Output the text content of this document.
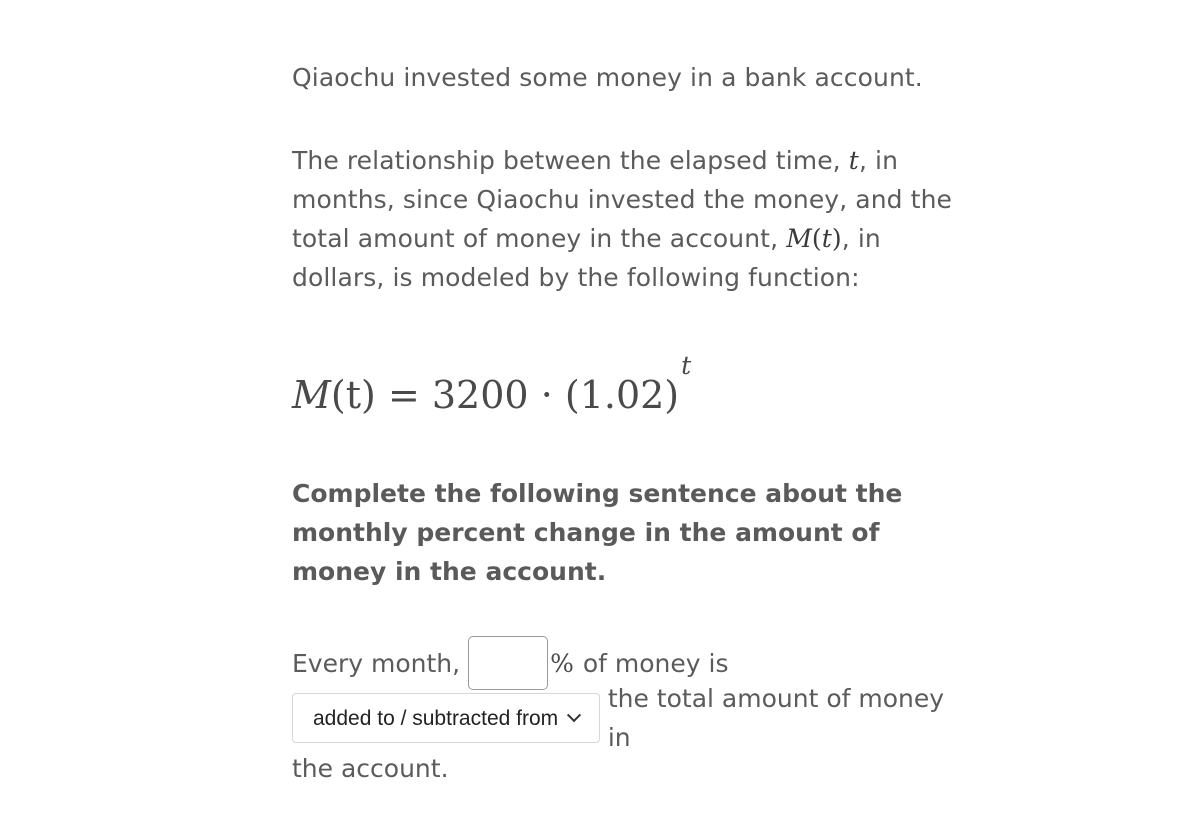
Qiaochu invested some money in a bank account.

The relationship between the elapsed time, t, in months, since Qiaochu invested the money, and the total amount of money in the account, M(t), in dollars, is modeled by the following function:

$M(t) = 3200 \cdot (1.02)^t$
Complete the following sentence about the monthly percent change in the amount of money in the account.
Every month,	% of money is
added to / subtracted from
the total amount of money in
the account.
